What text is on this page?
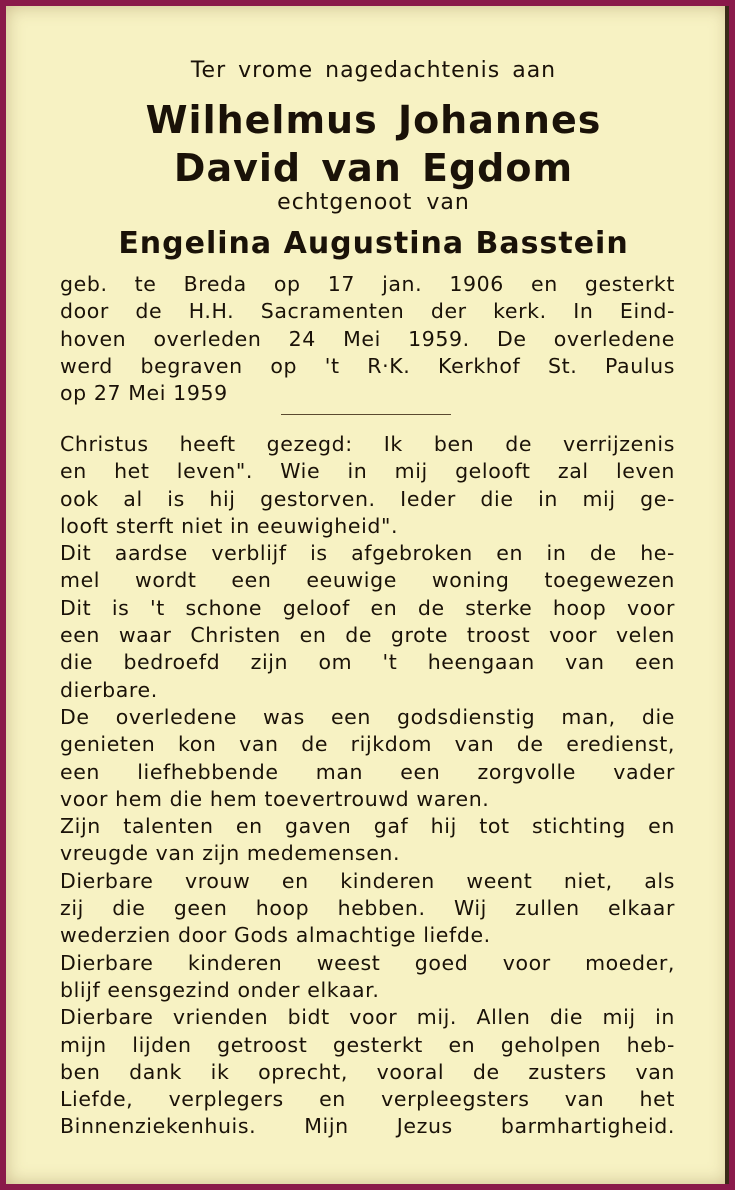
Ter vrome nagedachtenis aan
Wilhelmus Johannes
David van Egdom
echtgenoot van
Engelina Augustina Basstein
geb. te Breda op 17 jan. 1906 en gesterkt
door de H.H. Sacramenten der kerk. In Eind-
hoven overleden 24 Mei 1959. De overledene
werd begraven op 't R·K. Kerkhof St. Paulus
op 27 Mei 1959
Christus heeft gezegd: Ik ben de verrijzenis
en het leven". Wie in mij gelooft zal leven
ook al is hij gestorven. Ieder die in mij ge-
looft sterft niet in eeuwigheid".
Dit aardse verblijf is afgebroken en in de he-
mel wordt een eeuwige woning toegewezen
Dit is 't schone geloof en de sterke hoop voor
een waar Christen en de grote troost voor velen
die bedroefd zijn om 't heengaan van een
dierbare.
De overledene was een godsdienstig man, die
genieten kon van de rijkdom van de eredienst,
een liefhebbende man een zorgvolle vader
voor hem die hem toevertrouwd waren.
Zijn talenten en gaven gaf hij tot stichting en
vreugde van zijn medemensen.
Dierbare vrouw en kinderen weent niet, als
zij die geen hoop hebben. Wij zullen elkaar
wederzien door Gods almachtige liefde.
Dierbare kinderen weest goed voor moeder,
blijf eensgezind onder elkaar.
Dierbare vrienden bidt voor mij. Allen die mij in
mijn lijden getroost gesterkt en geholpen heb-
ben dank ik oprecht, vooral de zusters van
Liefde, verplegers en verpleegsters van het
Binnenziekenhuis. Mijn Jezus barmhartigheid.
